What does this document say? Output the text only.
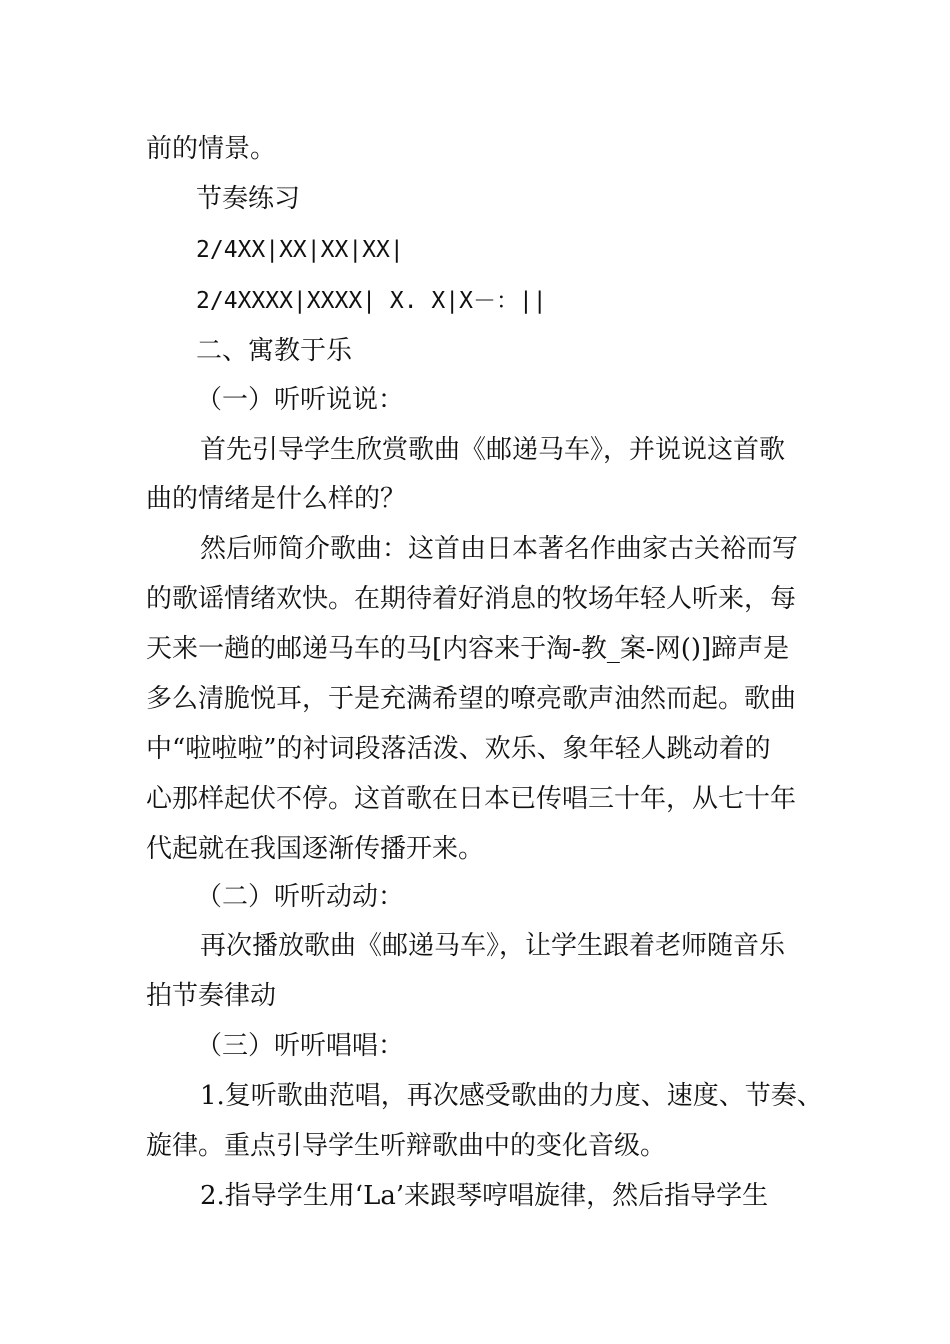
前的情景。
节奏练习
2/4XX|XX|XX|XX|
2/4XXXX|XXXX| X. X|X－：||
二、寓教于乐
（一）听听说说：
首先引导学生欣赏歌曲《邮递马车》，并说说这首歌
曲的情绪是什么样的？
然后师简介歌曲：这首由日本著名作曲家古关裕而写
的歌谣情绪欢快。在期待着好消息的牧场年轻人听来，每
天来一趟的邮递马车的马[内容来于淘-教_案-网()]蹄声是
多么清脆悦耳，于是充满希望的嘹亮歌声油然而起。歌曲
中“啦啦啦”的衬词段落活泼、欢乐、象年轻人跳动着的
心那样起伏不停。这首歌在日本已传唱三十年，从七十年
代起就在我国逐渐传播开来。
（二）听听动动：
再次播放歌曲《邮递马车》，让学生跟着老师随音乐
拍节奏律动
（三）听听唱唱：
1.复听歌曲范唱，再次感受歌曲的力度、速度、节奏、
旋律。重点引导学生听辩歌曲中的变化音级。
2.指导学生用‘La’来跟琴哼唱旋律，然后指导学生
